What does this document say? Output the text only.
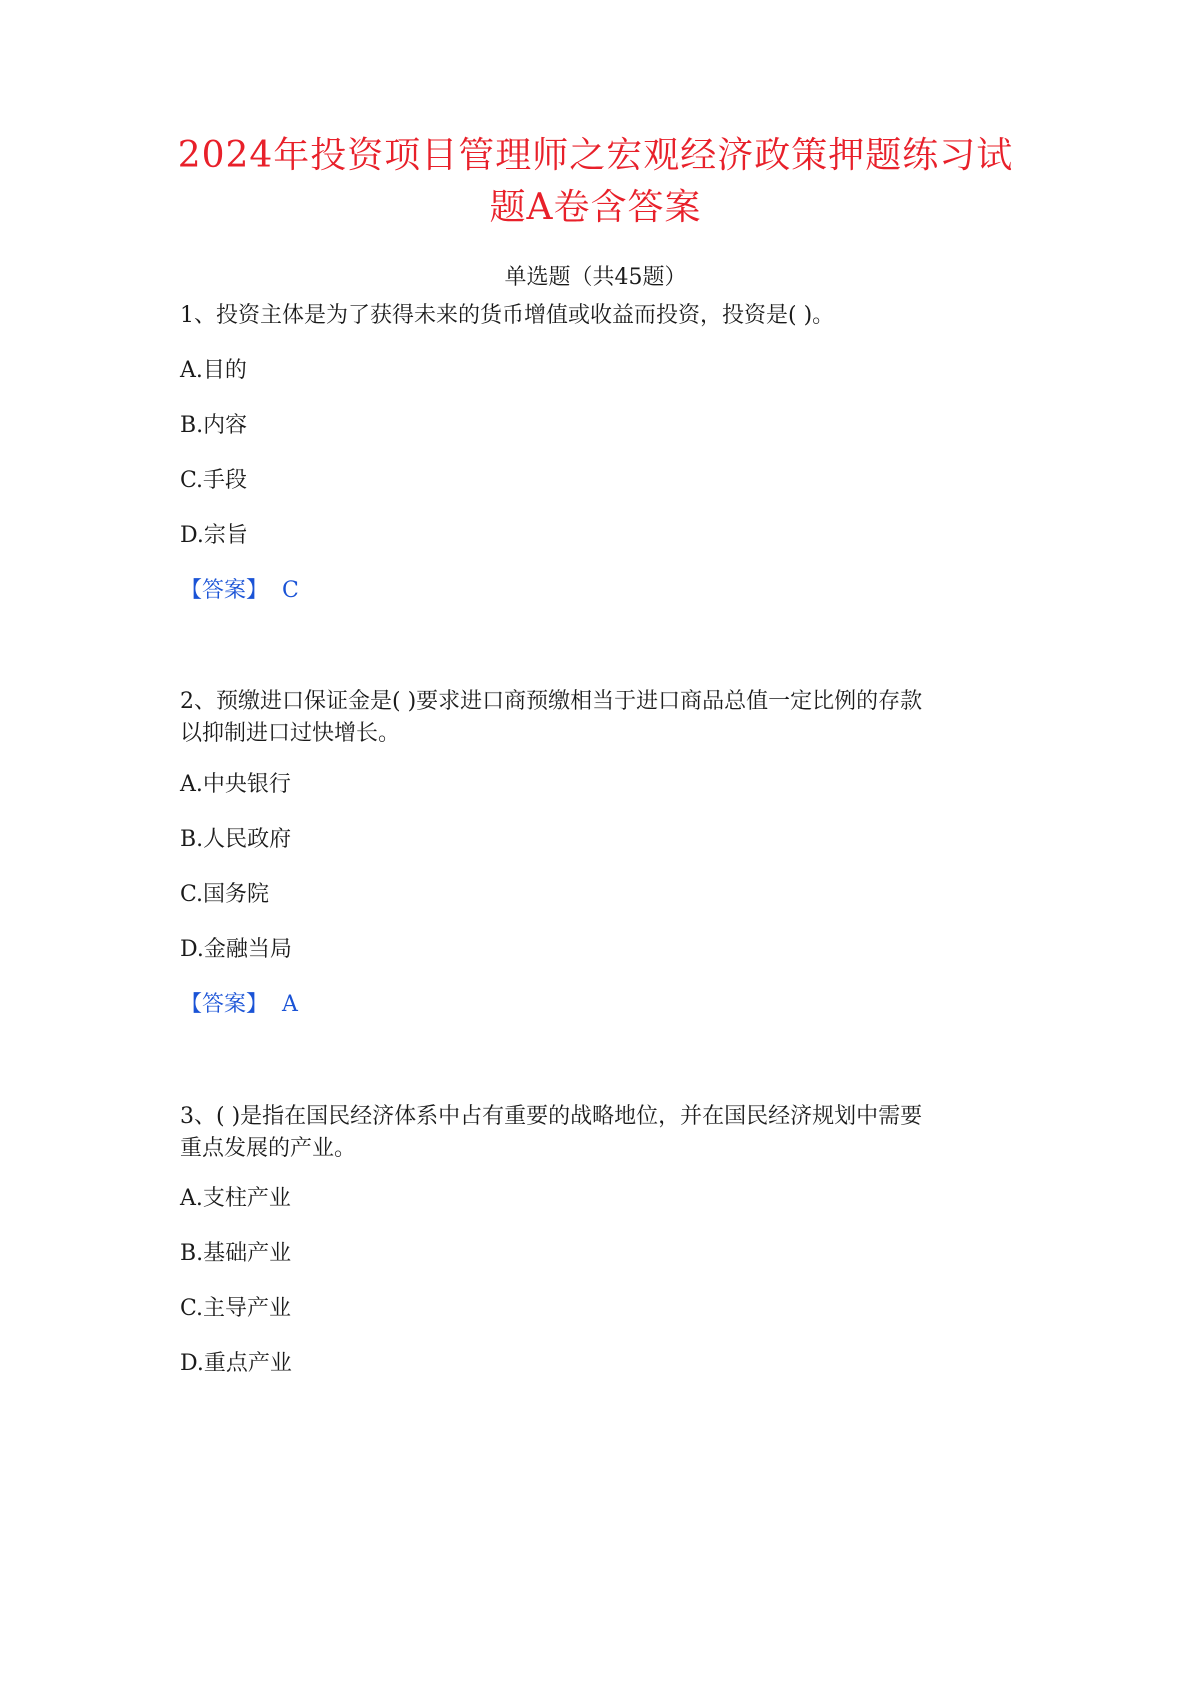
2024年投资项目管理师之宏观经济政策押题练习试
题A卷含答案
单选题（共45题）

1、投资主体是为了获得未来的货币增值或收益而投资，投资是( )。

A.目的
B.内容
C.手段
D.宗旨
【答案】 C

2、预缴进口保证金是( )要求进口商预缴相当于进口商品总值一定比例的存款

以抑制进口过快增长。

A.中央银行
B.人民政府
C.国务院
D.金融当局
【答案】 A

3、( )是指在国民经济体系中占有重要的战略地位，并在国民经济规划中需要

重点发展的产业。

A.支柱产业
B.基础产业
C.主导产业
D.重点产业
